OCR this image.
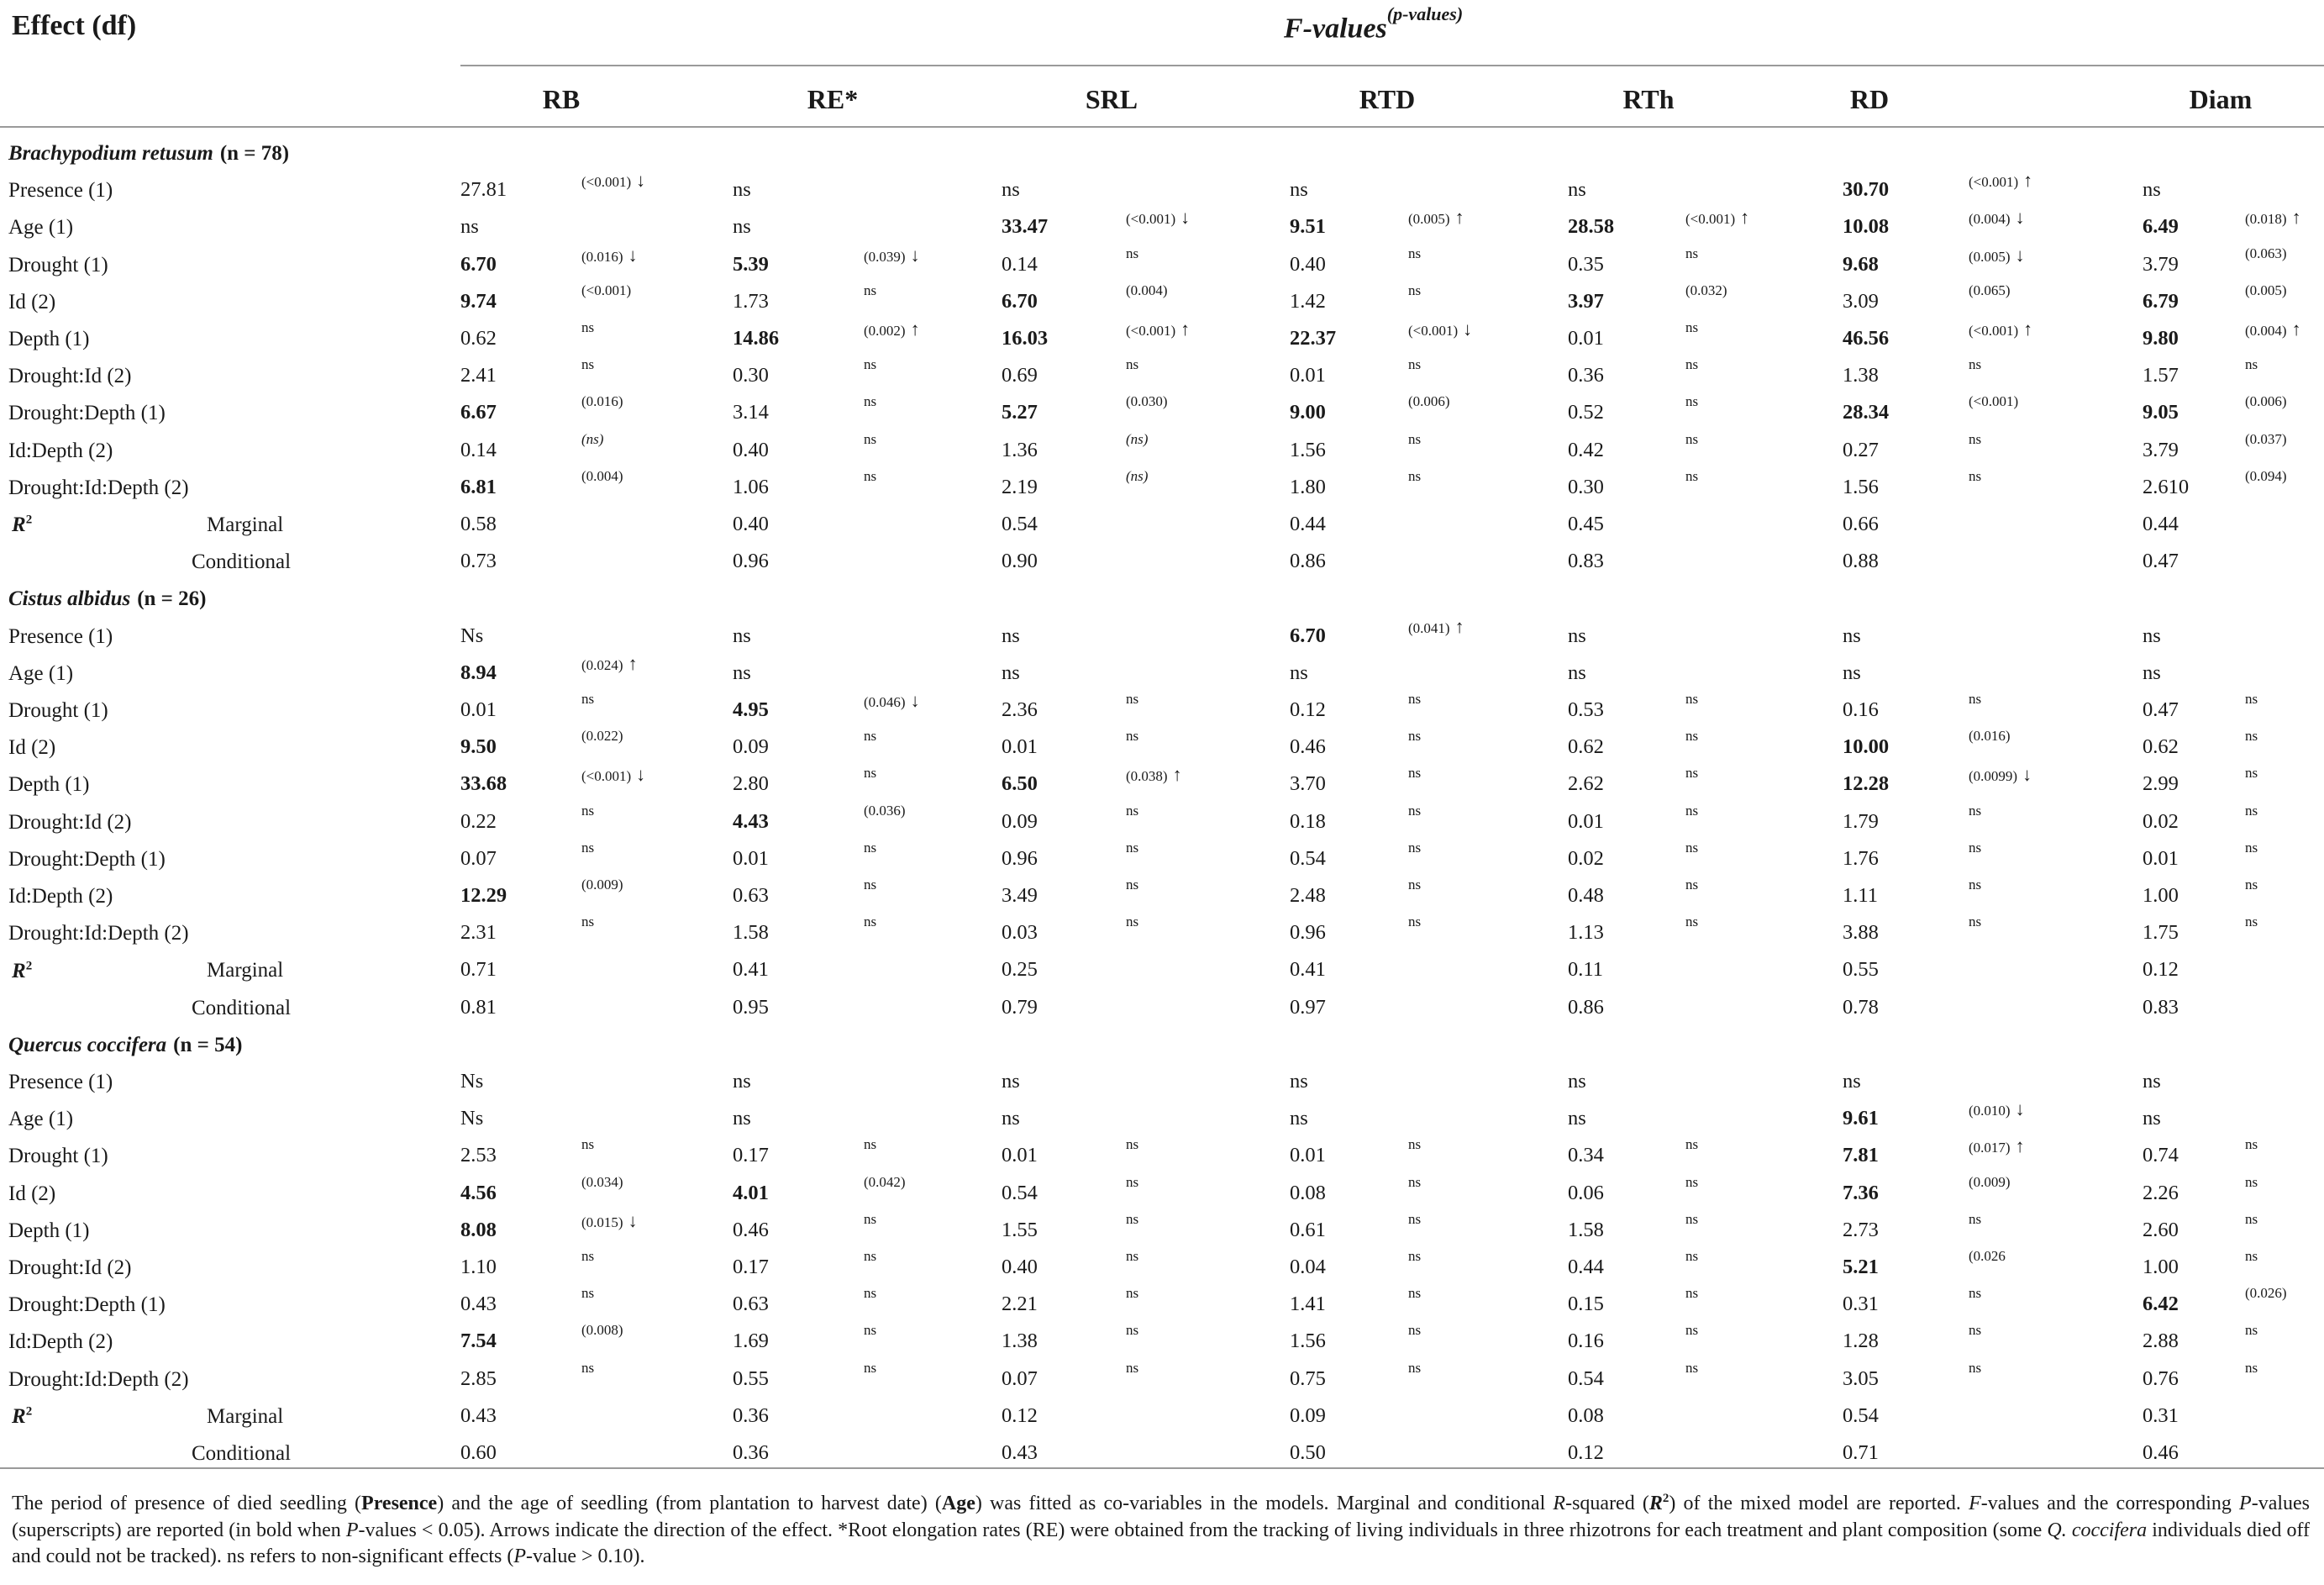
Effect (df)	F-values$^{(p-values)}$
RB	RE*	SRL	RTD	RTh	RD	Diam
Brachypodium retusum (n = 78)
Presence (1)	27.81	(<0.001) ↓	ns	ns	ns	ns	30.70	(<0.001) ↑	ns
Age (1)	ns	ns	33.47	(<0.001) ↓	9.51	(0.005) ↑	28.58	(<0.001) ↑	10.08	(0.004) ↓	6.49	(0.018) ↑
Drought (1)	6.70	(0.016) ↓	5.39	(0.039) ↓	0.14	ns	0.40	ns	0.35	ns	9.68	(0.005) ↓	3.79	(0.063)
Id (2)	9.74	(<0.001)	1.73	ns	6.70	(0.004)	1.42	ns	3.97	(0.032)	3.09	(0.065)	6.79	(0.005)
Depth (1)	0.62	ns	14.86	(0.002) ↑	16.03	(<0.001) ↑	22.37	(<0.001) ↓	0.01	ns	46.56	(<0.001) ↑	9.80	(0.004) ↑
Drought:Id (2)	2.41	ns	0.30	ns	0.69	ns	0.01	ns	0.36	ns	1.38	ns	1.57	ns
Drought:Depth (1)	6.67	(0.016)	3.14	ns	5.27	(0.030)	9.00	(0.006)	0.52	ns	28.34	(<0.001)	9.05	(0.006)
Id:Depth (2)	0.14	(ns)	0.40	ns	1.36	(ns)	1.56	ns	0.42	ns	0.27	ns	3.79	(0.037)
Drought:Id:Depth (2)	6.81	(0.004)	1.06	ns	2.19	(ns)	1.80	ns	0.30	ns	1.56	ns	2.610	(0.094)
$R^2$	Marginal	0.58	0.40	0.54	0.44	0.45	0.66	0.44
Conditional	0.73	0.96	0.90	0.86	0.83	0.88	0.47
Cistus albidus (n = 26)
Presence (1)	Ns	ns	ns	6.70	(0.041) ↑	ns	ns	ns
Age (1)	8.94	(0.024) ↑	ns	ns	ns	ns	ns	ns
Drought (1)	0.01	ns	4.95	(0.046) ↓	2.36	ns	0.12	ns	0.53	ns	0.16	ns	0.47	ns
Id (2)	9.50	(0.022)	0.09	ns	0.01	ns	0.46	ns	0.62	ns	10.00	(0.016)	0.62	ns
Depth (1)	33.68	(<0.001) ↓	2.80	ns	6.50	(0.038) ↑	3.70	ns	2.62	ns	12.28	(0.0099) ↓	2.99	ns
Drought:Id (2)	0.22	ns	4.43	(0.036)	0.09	ns	0.18	ns	0.01	ns	1.79	ns	0.02	ns
Drought:Depth (1)	0.07	ns	0.01	ns	0.96	ns	0.54	ns	0.02	ns	1.76	ns	0.01	ns
Id:Depth (2)	12.29	(0.009)	0.63	ns	3.49	ns	2.48	ns	0.48	ns	1.11	ns	1.00	ns
Drought:Id:Depth (2)	2.31	ns	1.58	ns	0.03	ns	0.96	ns	1.13	ns	3.88	ns	1.75	ns
$R^2$	Marginal	0.71	0.41	0.25	0.41	0.11	0.55	0.12
Conditional	0.81	0.95	0.79	0.97	0.86	0.78	0.83
Quercus coccifera (n = 54)
Presence (1)	Ns	ns	ns	ns	ns	ns	ns
Age (1)	Ns	ns	ns	ns	ns	9.61	(0.010) ↓	ns
Drought (1)	2.53	ns	0.17	ns	0.01	ns	0.01	ns	0.34	ns	7.81	(0.017) ↑	0.74	ns
Id (2)	4.56	(0.034)	4.01	(0.042)	0.54	ns	0.08	ns	0.06	ns	7.36	(0.009)	2.26	ns
Depth (1)	8.08	(0.015) ↓	0.46	ns	1.55	ns	0.61	ns	1.58	ns	2.73	ns	2.60	ns
Drought:Id (2)	1.10	ns	0.17	ns	0.40	ns	0.04	ns	0.44	ns	5.21	(0.026	1.00	ns
Drought:Depth (1)	0.43	ns	0.63	ns	2.21	ns	1.41	ns	0.15	ns	0.31	ns	6.42	(0.026)
Id:Depth (2)	7.54	(0.008)	1.69	ns	1.38	ns	1.56	ns	0.16	ns	1.28	ns	2.88	ns
Drought:Id:Depth (2)	2.85	ns	0.55	ns	0.07	ns	0.75	ns	0.54	ns	3.05	ns	0.76	ns
$R^2$	Marginal	0.43	0.36	0.12	0.09	0.08	0.54	0.31
Conditional	0.60	0.36	0.43	0.50	0.12	0.71	0.46
The period of presence of died seedling (Presence) and the age of seedling (from plantation to harvest date) (Age) was fitted as co-variables in the models. Marginal and conditional R-squared $(R^2)$ of the mixed model are reported. F-values and the corresponding P-values (superscripts) are reported (in bold when P-values < 0.05). Arrows indicate the direction of the effect. *Root elongation rates (RE) were obtained from the tracking of living individuals in three rhizotrons for each treatment and plant composition (some Q. coccifera individuals died off and could not be tracked). ns refers to non-significant effects (P-value > 0.10).
